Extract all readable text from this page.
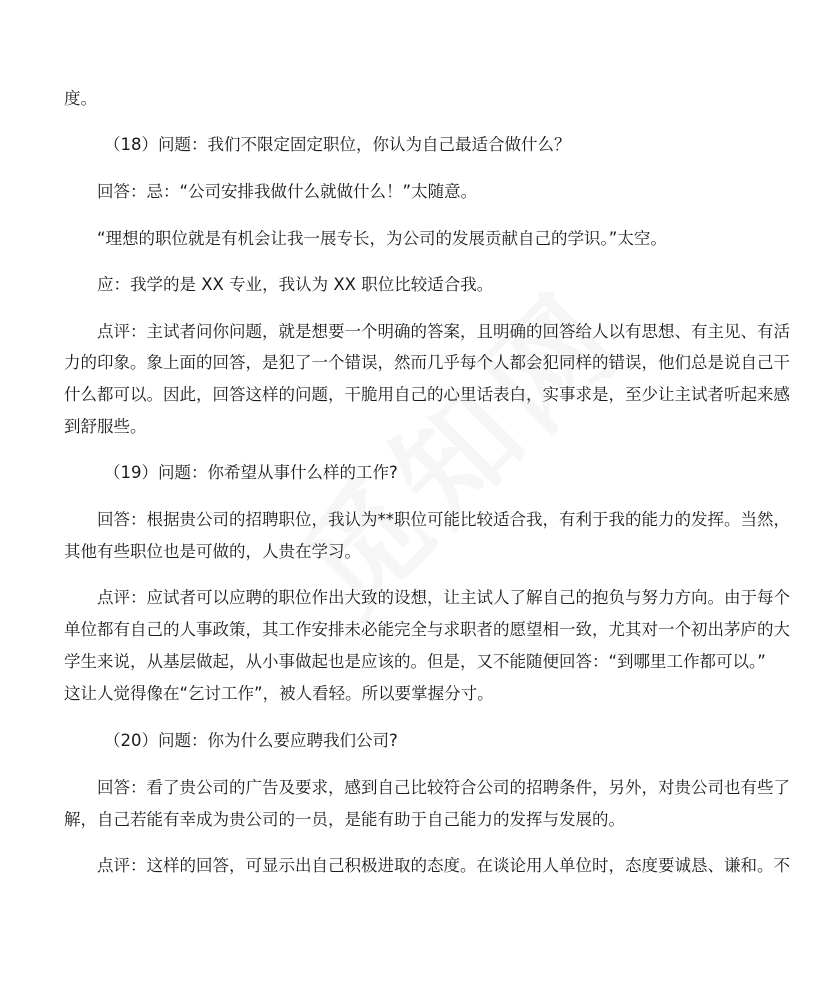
度。
（18）问题：我们不限定固定职位，你认为自己最适合做什么？
回答：忌：“公司安排我做什么就做什么！”太随意。
“理想的职位就是有机会让我一展专长，为公司的发展贡献自己的学识。”太空。
应：我学的是 XX 专业，我认为 XX 职位比较适合我。
点评：主试者问你问题，就是想要一个明确的答案，且明确的回答给人以有思想、有主见、有活
力的印象。象上面的回答，是犯了一个错误，然而几乎每个人都会犯同样的错误，他们总是说自己干
什么都可以。因此，回答这样的问题，干脆用自己的心里话表白，实事求是，至少让主试者听起来感
到舒服些。
（19）问题：你希望从事什么样的工作?
回答：根据贵公司的招聘职位，我认为**职位可能比较适合我，有利于我的能力的发挥。当然，
其他有些职位也是可做的，人贵在学习。
点评：应试者可以应聘的职位作出大致的设想，让主试人了解自己的抱负与努力方向。由于每个
单位都有自己的人事政策，其工作安排未必能完全与求职者的愿望相一致，尤其对一个初出茅庐的大
学生来说，从基层做起，从小事做起也是应该的。但是，又不能随便回答：“到哪里工作都可以。”
这让人觉得像在“乞讨工作”，被人看轻。所以要掌握分寸。
（20）问题：你为什么要应聘我们公司?
回答：看了贵公司的广告及要求，感到自己比较符合公司的招聘条件，另外，对贵公司也有些了
解，自己若能有幸成为贵公司的一员，是能有助于自己能力的发挥与发展的。
点评：这样的回答，可显示出自己积极进取的态度。在谈论用人单位时，态度要诚恳、谦和。不
